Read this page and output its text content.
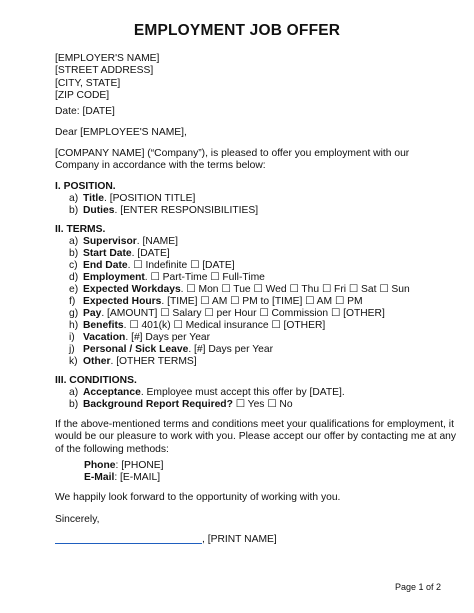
EMPLOYMENT JOB OFFER
[EMPLOYER'S NAME]
[STREET ADDRESS]
[CITY, STATE]
[ZIP CODE]
Date: [DATE]
Dear [EMPLOYEE'S NAME],
[COMPANY NAME] (“Company”), is pleased to offer you employment with our
Company in accordance with the terms below:
I. POSITION.
a) Title. [POSITION TITLE]
b) Duties. [ENTER RESPONSIBILITIES]
II. TERMS.
a) Supervisor. [NAME]
b) Start Date. [DATE]
c) End Date. ☐ Indefinite ☐ [DATE]
d) Employment. ☐ Part-Time ☐ Full-Time
e) Expected Workdays. ☐ Mon ☐ Tue ☐ Wed ☐ Thu ☐ Fri ☐ Sat ☐ Sun
f) Expected Hours. [TIME] ☐ AM ☐ PM to [TIME] ☐ AM ☐ PM
g) Pay. [AMOUNT] ☐ Salary ☐ per Hour ☐ Commission ☐ [OTHER]
h) Benefits. ☐ 401(k) ☐ Medical insurance ☐ [OTHER]
i) Vacation. [#] Days per Year
j) Personal / Sick Leave. [#] Days per Year
k) Other. [OTHER TERMS]
III. CONDITIONS.
a) Acceptance. Employee must accept this offer by [DATE].
b) Background Report Required? ☐ Yes ☐ No
If the above-mentioned terms and conditions meet your qualifications for employment, it
would be our pleasure to work with you. Please accept our offer by contacting me at any
of the following methods:
Phone: [PHONE]
E-Mail: [E-MAIL]
We happily look forward to the opportunity of working with you.
Sincerely,
, [PRINT NAME]
Page 1 of 2
